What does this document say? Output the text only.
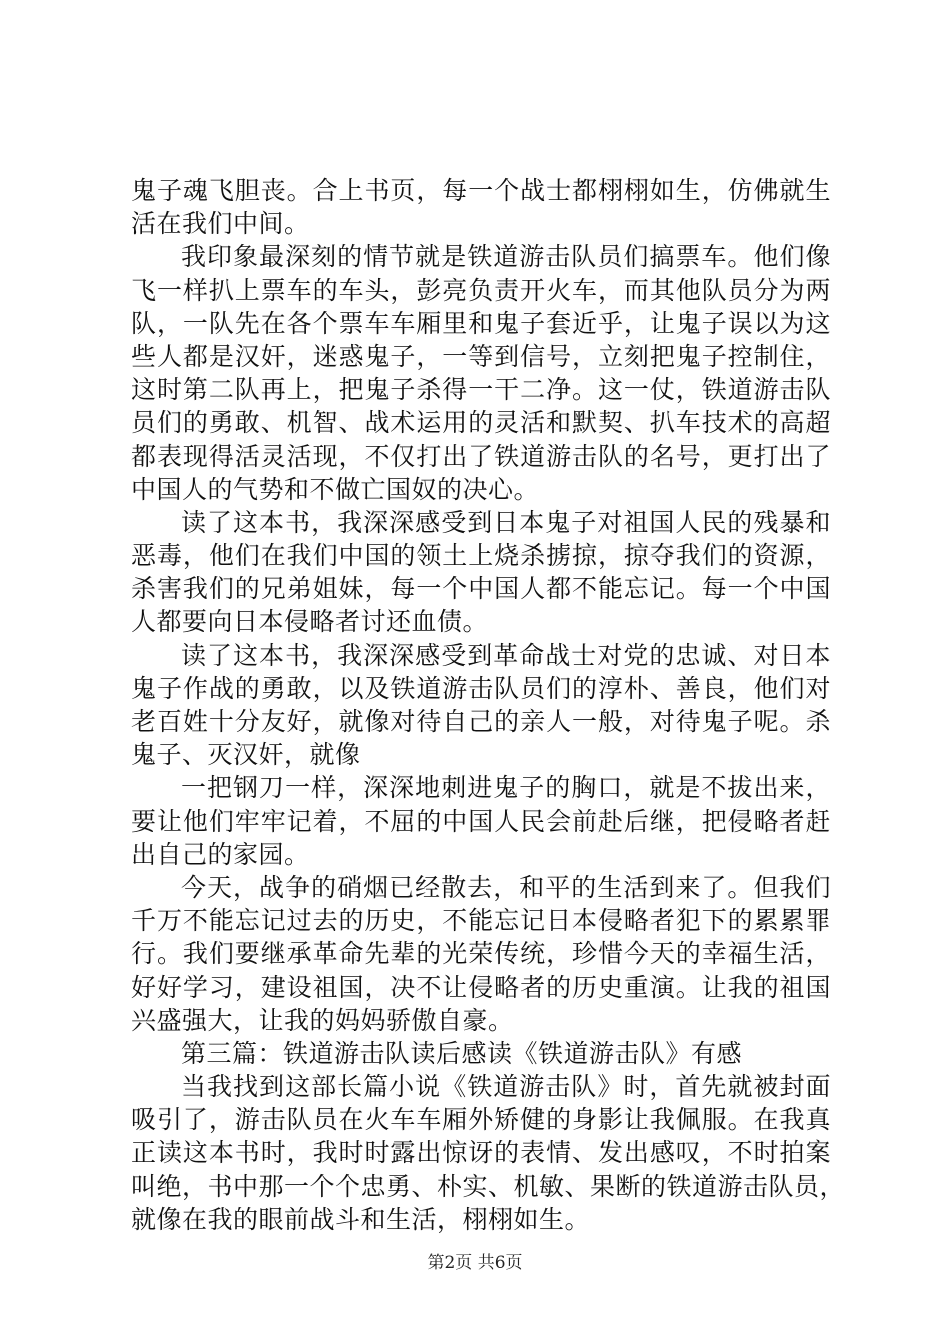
鬼子魂飞胆丧。合上书页，每一个战士都栩栩如生，仿佛就生
活在我们中间。
我印象最深刻的情节就是铁道游击队员们搞票车。他们像
飞一样扒上票车的车头，彭亮负责开火车，而其他队员分为两
队，一队先在各个票车车厢里和鬼子套近乎，让鬼子误以为这
些人都是汉奸，迷惑鬼子，一等到信号，立刻把鬼子控制住，
这时第二队再上，把鬼子杀得一干二净。这一仗，铁道游击队
员们的勇敢、机智、战术运用的灵活和默契、扒车技术的高超
都表现得活灵活现，不仅打出了铁道游击队的名号，更打出了
中国人的气势和不做亡国奴的决心。
读了这本书，我深深感受到日本鬼子对祖国人民的残暴和
恶毒，他们在我们中国的领土上烧杀掳掠，掠夺我们的资源，
杀害我们的兄弟姐妹，每一个中国人都不能忘记。每一个中国
人都要向日本侵略者讨还血债。
读了这本书，我深深感受到革命战士对党的忠诚、对日本
鬼子作战的勇敢，以及铁道游击队员们的淳朴、善良，他们对
老百姓十分友好，就像对待自己的亲人一般，对待鬼子呢。杀
鬼子、灭汉奸，就像
一把钢刀一样，深深地刺进鬼子的胸口，就是不拔出来，
要让他们牢牢记着，不屈的中国人民会前赴后继，把侵略者赶
出自己的家园。
今天，战争的硝烟已经散去，和平的生活到来了。但我们
千万不能忘记过去的历史，不能忘记日本侵略者犯下的累累罪
行。我们要继承革命先辈的光荣传统，珍惜今天的幸福生活，
好好学习，建设祖国，决不让侵略者的历史重演。让我的祖国
兴盛强大，让我的妈妈骄傲自豪。
第三篇：铁道游击队读后感读《铁道游击队》有感
当我找到这部长篇小说《铁道游击队》时，首先就被封面
吸引了，游击队员在火车车厢外矫健的身影让我佩服。在我真
正读这本书时，我时时露出惊讶的表情、发出感叹，不时拍案
叫绝，书中那一个个忠勇、朴实、机敏、果断的铁道游击队员，
就像在我的眼前战斗和生活，栩栩如生。
第2页 共6页
